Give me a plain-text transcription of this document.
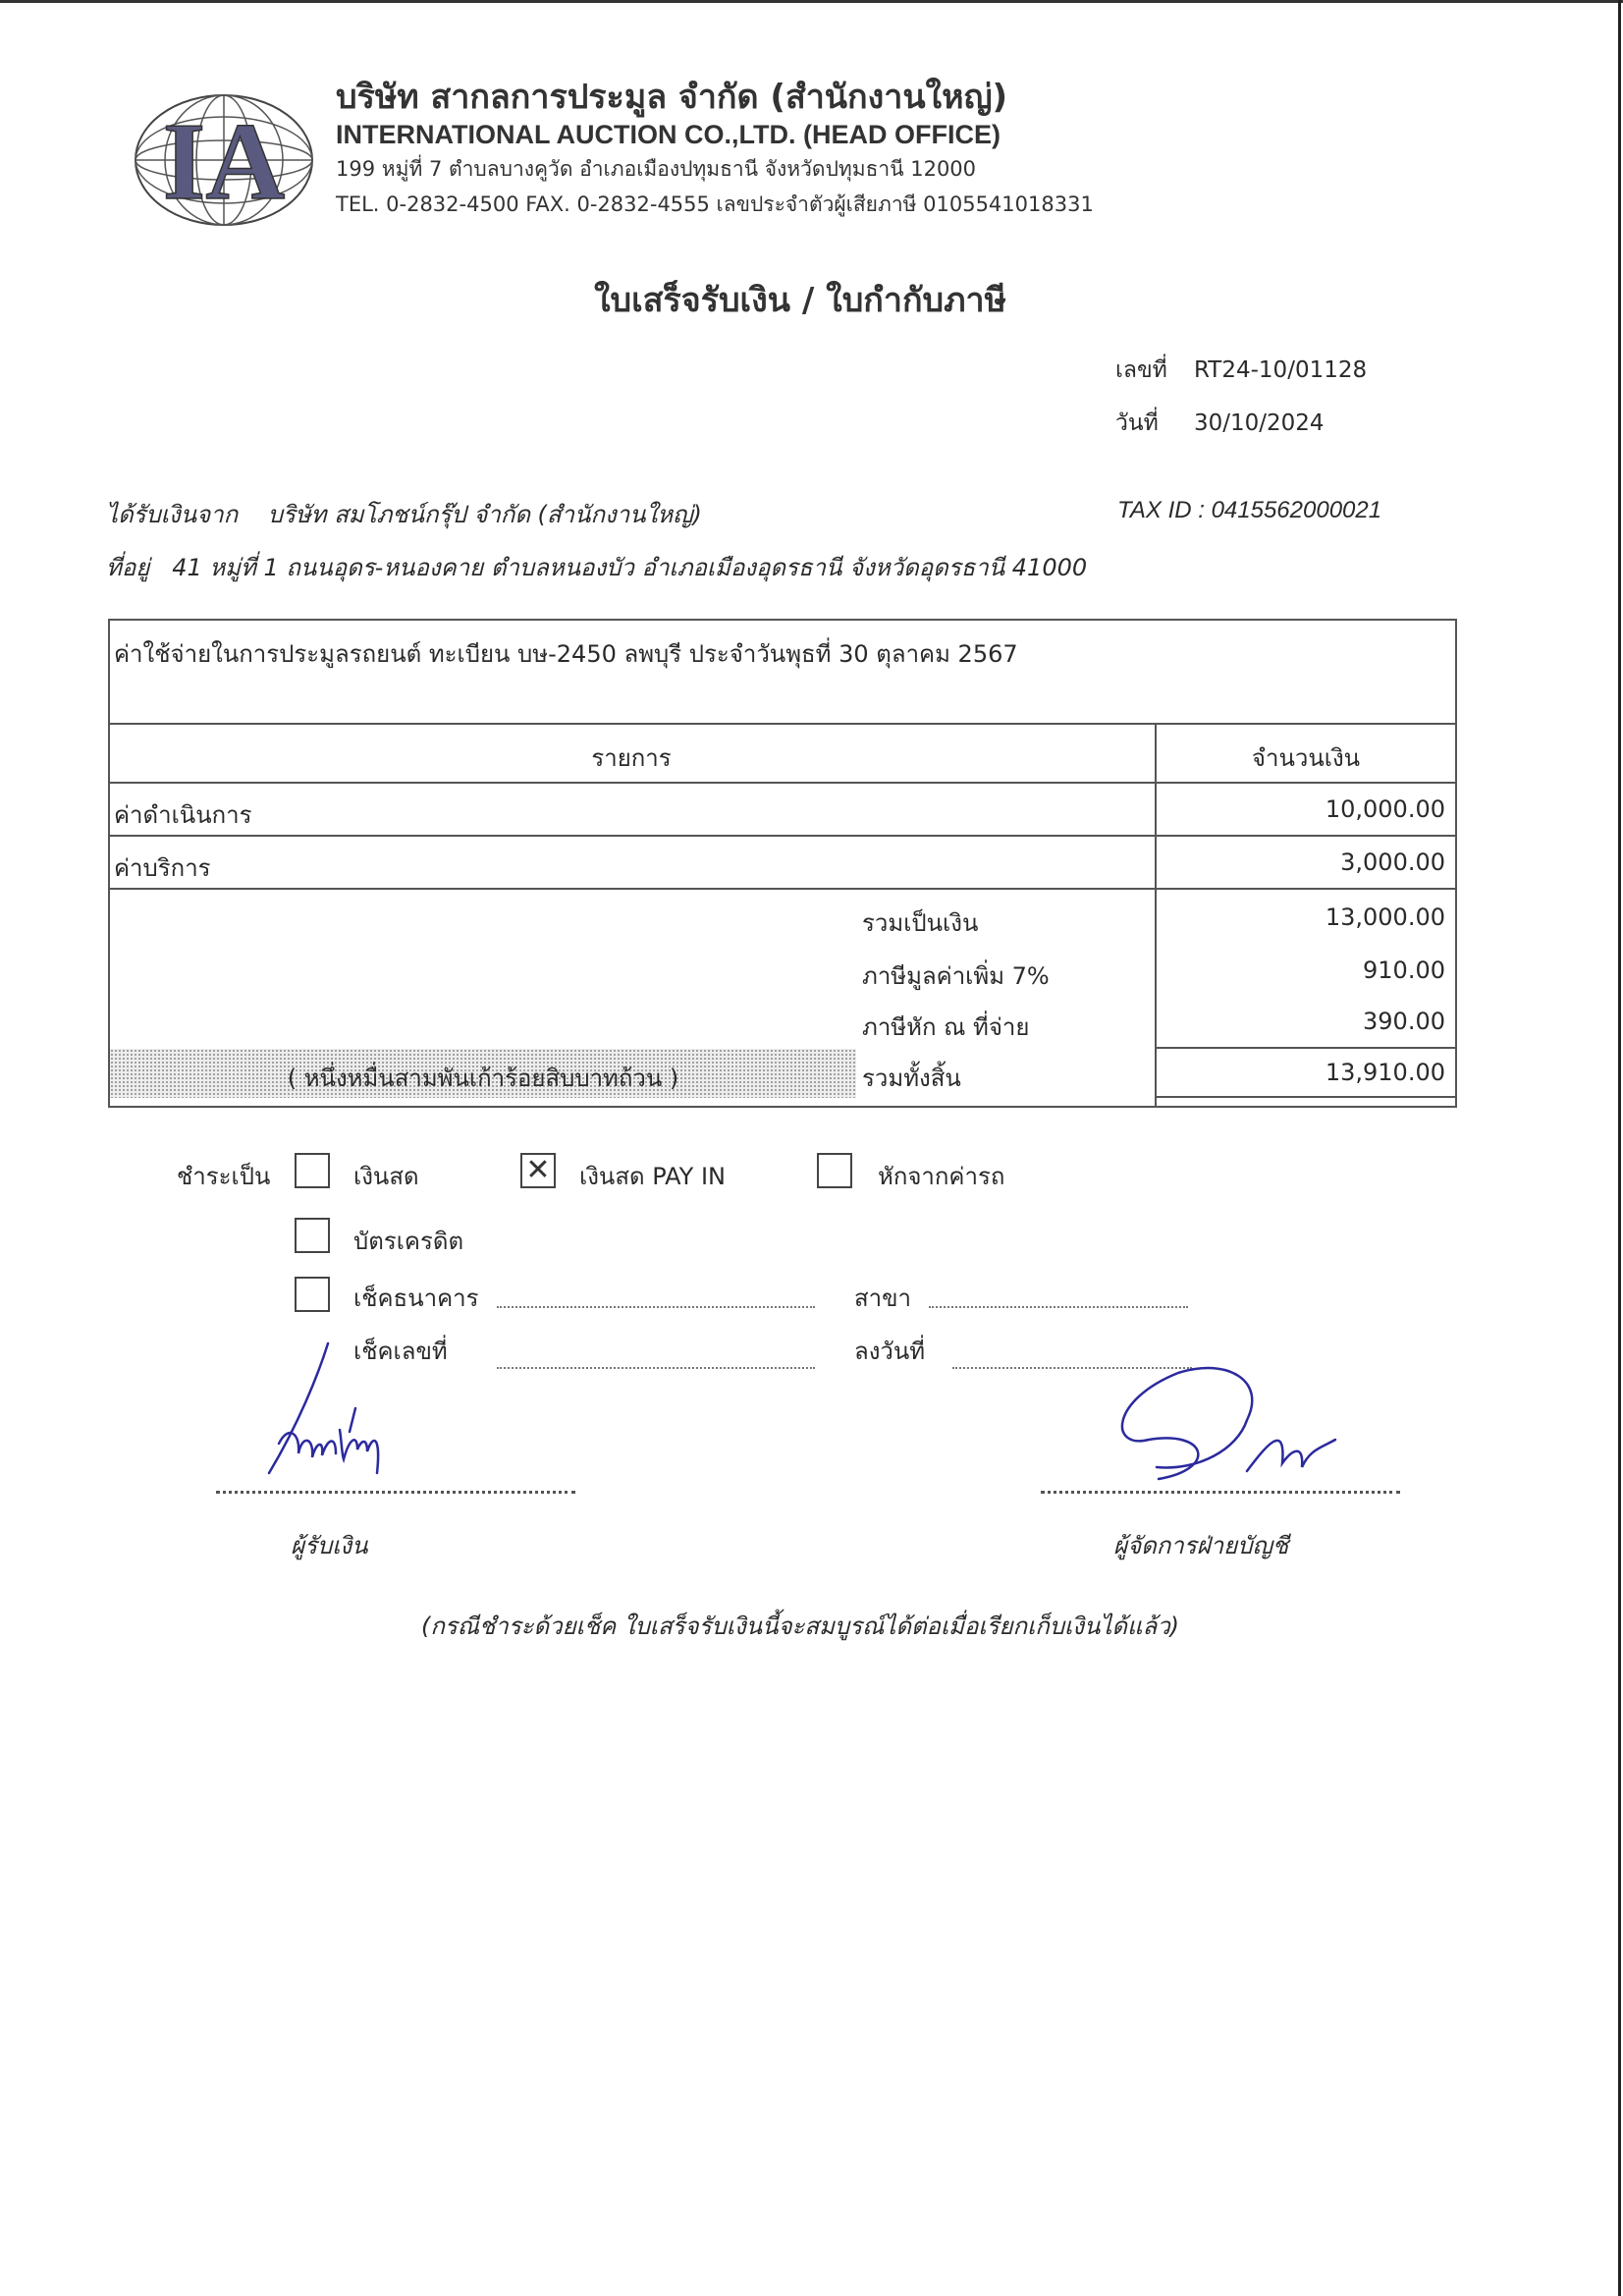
IA
บริษัท สากลการประมูล จำกัด (สำนักงานใหญ่)
INTERNATIONAL AUCTION CO.,LTD. (HEAD OFFICE)
199 หมู่ที่ 7 ตำบลบางคูวัด อำเภอเมืองปทุมธานี จังหวัดปทุมธานี 12000
TEL. 0-2832-4500 FAX. 0-2832-4555 เลขประจำตัวผู้เสียภาษี 0105541018331
ใบเสร็จรับเงิน / ใบกำกับภาษี
เลขที่ RT24-10/01128
วันที่ 30/10/2024
ได้รับเงินจาก บริษัท สมโภชน์กรุ๊ป จำกัด (สำนักงานใหญ่)	TAX ID : 0415562000021
ที่อยู่ 41 หมู่ที่ 1 ถนนอุดร-หนองคาย ตำบลหนองบัว อำเภอเมืองอุดรธานี จังหวัดอุดรธานี 41000
ค่าใช้จ่ายในการประมูลรถยนต์ ทะเบียน บษ-2450 ลพบุรี ประจำวันพุธที่ 30 ตุลาคม 2567
รายการ	จำนวนเงิน
ค่าดำเนินการ	10,000.00
ค่าบริการ	3,000.00
รวมเป็นเงิน	13,000.00
ภาษีมูลค่าเพิ่ม 7%	910.00
ภาษีหัก ณ ที่จ่าย	390.00
( หนึ่งหมื่นสามพันเก้าร้อยสิบบาทถ้วน )	รวมทั้งสิ้น	13,910.00
ชำระเป็น	เงินสด	✕ เงินสด PAY IN	หักจากค่ารถ
บัตรเครดิต
เช็คธนาคาร	สาขา
เช็คเลขที่	ลงวันที่
ผู้รับเงิน	ผู้จัดการฝ่ายบัญชี
(กรณีชำระด้วยเช็ค ใบเสร็จรับเงินนี้จะสมบูรณ์ได้ต่อเมื่อเรียกเก็บเงินได้แล้ว)
